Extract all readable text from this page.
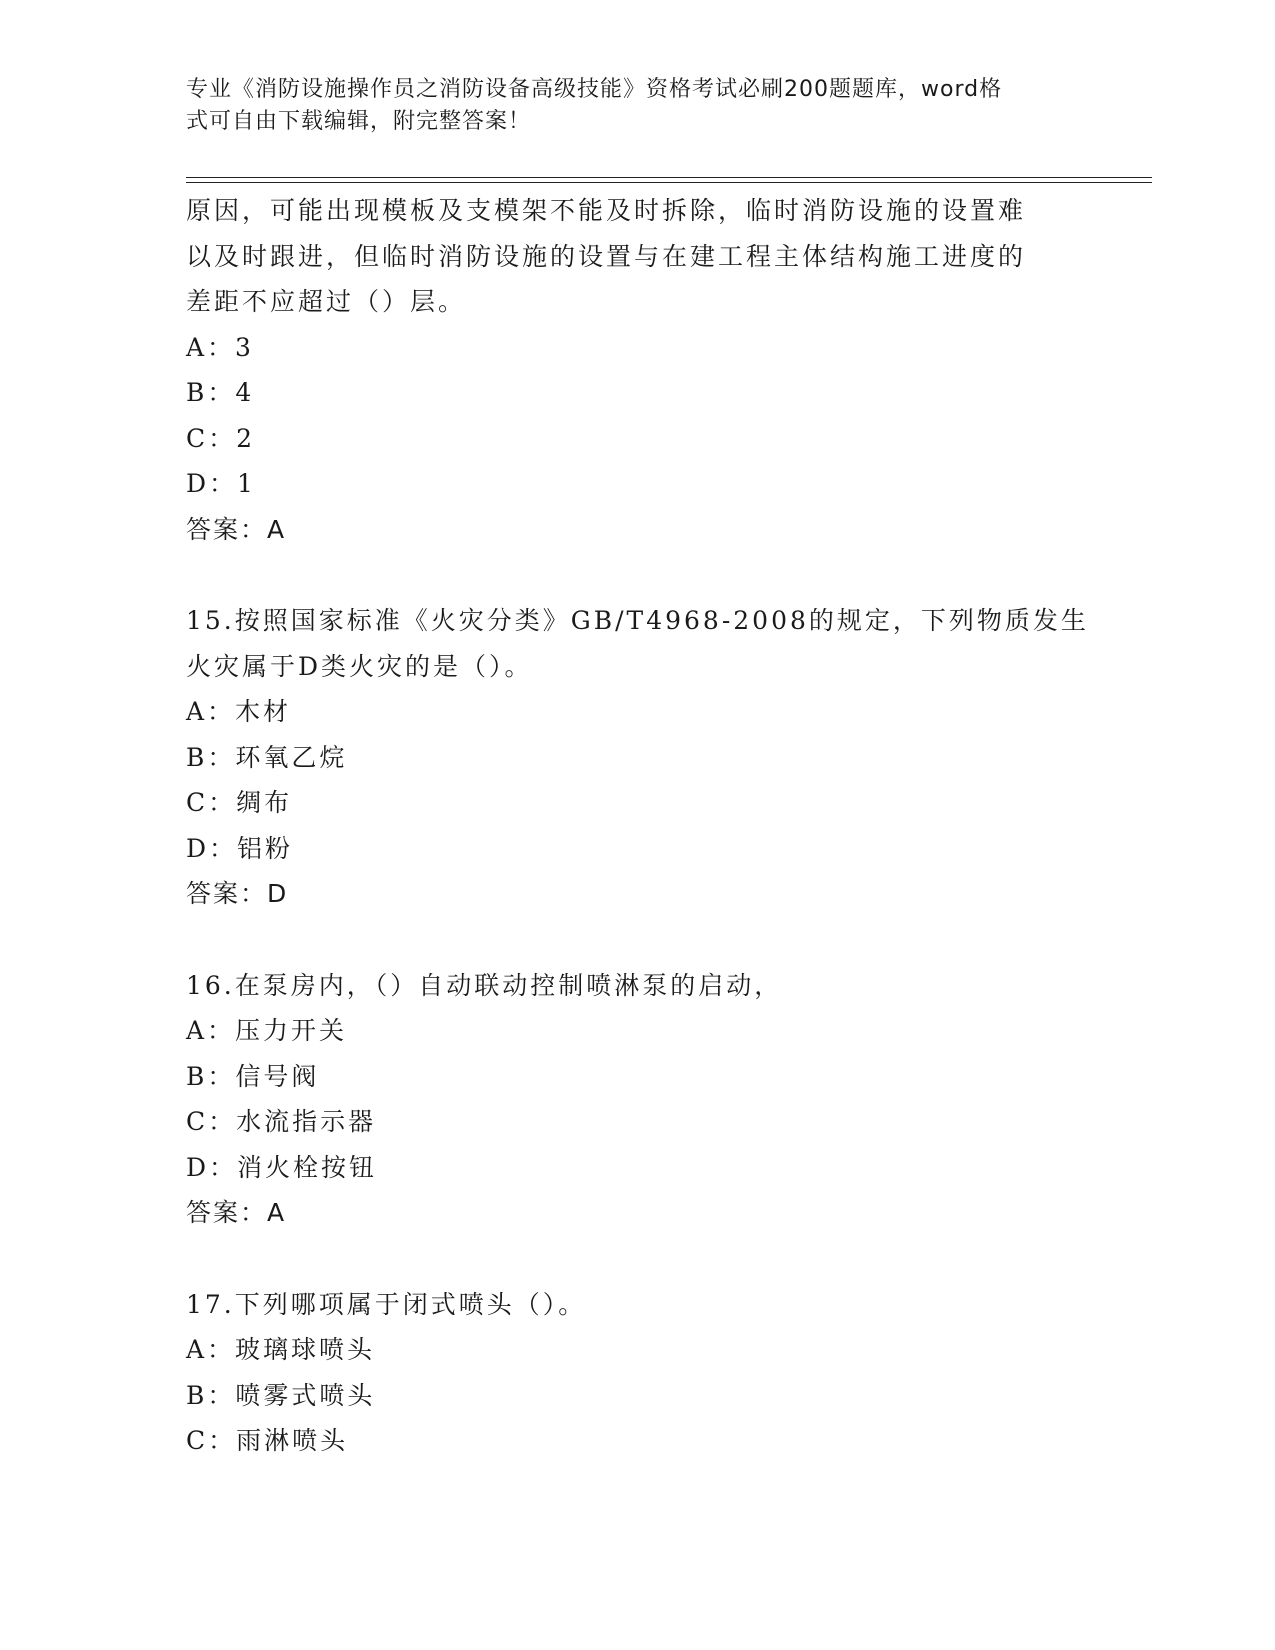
专业《消防设施操作员之消防设备高级技能》资格考试必刷200题题库，word格
式可自由下载编辑，附完整答案！
原因，可能出现模板及支模架不能及时拆除，临时消防设施的设置难
以及时跟进，但临时消防设施的设置与在建工程主体结构施工进度的
差距不应超过（）层。
A：3
B：4
C：2
D：1
答案：A
15.按照国家标准《火灾分类》GB/T4968-2008的规定，下列物质发生
火灾属于D类火灾的是（）。
A：木材
B：环氧乙烷
C：绸布
D：铝粉
答案：D
16.在泵房内，（）自动联动控制喷淋泵的启动，
A：压力开关
B：信号阀
C：水流指示器
D：消火栓按钮
答案：A
17.下列哪项属于闭式喷头（）。
A：玻璃球喷头
B：喷雾式喷头
C：雨淋喷头
